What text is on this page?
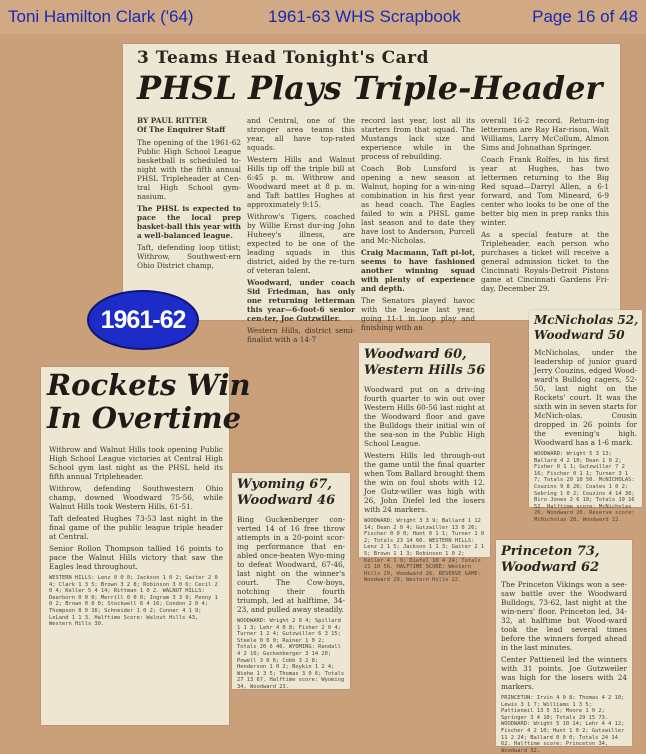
Toni Hamilton Clark ('64)	1961-63 WHS Scrapbook	Page 16 of 48
3 Teams Head Tonight's Card
PHSL Plays Triple-Header

BY PAUL RITTER

Of The Enquirer Staff

The opening of the 1961-62 Public High School League basketball is scheduled to-night with the fifth annual PHSL Tripleheader at Cen-tral High School gym-nasium.

The PHSL is expected to pace the local prep basket-ball this year with a well-balanced league.

Taft, defending loop titlist; Withrow, Southwest-ern Ohio District champ,

and Central, one of the stronger area teams this year, all have top-rated squads.

Western Hills and Walnut Hills tip off the triple bill at 6:45 p. m. Withrow and Woodward meet at 8 p. m. and Taft battles Hughes at approximately 9:15.

Withrow's Tigers, coached by Willie Ernst dur-ing John Huheey's illness, are expected to be one of the leading squads in this district, aided by the re-turn of veteran talent.

Woodward, under coach Sid Friedman, has only one returning letterman this year—6-foot-6 senior cen-ter, Joe Gutzwiller.

Western Hills, district semi-finalist with a 14-7

record last year, lost all its starters from that squad. The Mustangs lack size and experience while in the process of rebuilding.

Coach Bob Lunsford is opening a new season at Walnut, hoping for a win-ning combination in his first year as head coach. The Eagles failed to win a PHSL game last season and to date they have lost to Anderson, Purcell and Mc-Nicholas.

Craig Macmann, Taft pi-lot, seems to have fashioned another winning squad with plenty of experience and depth.

The Senators played havoc with the league last year, going 11-1 in loop play and finishing with an

overall 16-2 record. Return-ing lettermen are Ray Har-rison, Walt Williams, Larry McCollum, Almon Sims and Johnathan Springer.

Coach Frank Rolfes, in his first year at Hughes, has two lettermen returning to the Big Red squad—Darryl Allen, a 6-1 forward, and Tom Mineard, 6-9 center who looks to be one of the better big men in prep ranks this winter.

As a special feature at the Tripleheader, each person who purchases a ticket will receive a general admission ticket to the Cincinnati Royals-Detroit Pistons game at Cincinnati Gardens Fri-day, December 29.

1961-62
Rockets Win
In Overtime

Withrow and Walnut Hills took opening Public High School League victories at Central High School gym last night as the PHSL held its fifth annual Tripleheader.

Withrow, defending Southwestern Ohio champ, downed Woodward 75-56, while Walnut Hills took Western Hills, 61-51.

Taft defeated Hughes 73-53 last night in the final game of the public league triple header at Central.

Senior Rollon Thompson tallied 16 points to pace the Walnut Hills victory that saw the Eagles lead throughout.

WESTERN HILLS: Lenz 0 0 0; Jackson 1 0 2; Gaiter 2 0 4; Clark 1 3 5; Brown 3 2 8; Robinson 3 0 6; Cecil 2 0 4; Keller 5 4 14; Rittman 1 0 2. WALNUT HILLS: Dearborn 0 0 0; Merrill 0 0 0; Ingram 3 3 9; Penny 1 0 2; Brown 0 0 0; Stockwell 6 4 16; Condon 2 0 4; Thompson 8 0 16; Schneider 1 0 2; Conner 4 1 9; LeLand 1 1 3. Halftime Score: Walnut Hills 43, Western Hills 30.

Wyoming 67,
Woodward 46

Bing Guckenberger con-verted 14 of 16 free throw attempts in a 20-point scor-ing performance that en-abled once-beaten Wyo-ming to defeat Woodward, 67-46, last night on the winner's court. The Cow-boys, notching their fourth triumph, led at halftime, 34-23, and pulled away steadily.

WOODWARD: Wright 2 0 4; Spillard 1 1 3; Lehr 4 0 8; Fisher 2 0 4; Turner 1 2 4; Gutzwiller 6 3 15; Steele 0 0 0; Rainer 1 0 2; Totals 20 6 46. WYOMING: Randall 4 2 10; Guckenberger 3 14 20; Powell 3 0 6; Cobb 3 2 8; Henderson 1 0 2; Boykin 1 2 4; Wiehe 1 3 5; Thomas 3 0 6; Totals 27 13 67. Halftime score: Wyoming 34, Woodward 23.

Woodward 60,
Western Hills 56

Woodward put on a driv-ing fourth quarter to win out over Western Hills 60-56 last night at the Woodward floor and gave the Bulldogs their initial win of the sea-son in the Public High School League.

Western Hills led through-out the game until the final quarter when Tom Ballard brought them the win on foul shots with 12. Joe Gutz-willer was high with 26, John Diefel led the losers with 24 markers.

WOODWARD: Wright 3 3 9; Ballard 1 12 14; Dean 2 0 4; Gutzwiller 13 0 26; Fischer 0 0 0; Hunt 0 1 1; Turner 1 0 2; Totals 23 14 60. WESTERN HILLS: Lenz 2 1 5; Jackson 1 1 3; Gaiter 2 1 5; Brown 1 1 3; Robinson 1 0 2; Keller 4 1 9; Diefel 10 4 24; Totals 21 10 56. HALFTIME SCORE: Western Hills 29, Woodward 26. RESERVE GAME: Woodward 29, Western Hills 22.

McNicholas 52,
Woodward 50

McNicholas, under the leadership of junior guard Jerry Couzins, edged Wood-ward's Bulldog cagers, 52-50, last night on the Rockets' court. It was the sixth win in seven starts for McNich-olas. Cousin dropped in 26 points for the evening's high. Woodward has a 1-6 mark.

WOODWARD: Wright 5 3 13; Ballard 4 2 10; Dean 1 0 2; Fisher 0 1 1; Gutzwiller 7 2 16; Fischer 0 1 1; Turner 3 1 7; Totals 20 10 50. McNICHOLAS: Couzins 9 8 26; Coates 1 0 2; Sebring 1 0 2; Couzins 4 14 30; Biro Jones 2 6 10; Totals 19 16 52. Halftime score: McNicholas 26, Woodward 20. Reserve score: McNicholas 28, Woodward 22.

Princeton 73,
Woodward 62

The Princeton Vikings won a see-saw battle over the Woodward Bulldogs, 73-62, last night at the win-ners' floor. Princeton led, 34-32, at halftime but Wood-ward took the lead several times before the winners forged ahead in the last minutes.

Center Pattieneil led the winners with 31 points. Joe Gutzweiler was high for the losers with 24 markers.

PRINCETON: Irvin 4 0 8; Thomas 4 2 10; Lewis 3 1 7; Williams 1 3 5; Pattieneil 13 5 31; Moore 1 0 2; Springer 3 4 10; Totals 29 15 73. WOODWARD: Wright 5 10 14; Lehr 4 4 12; Fischer 4 2 10; Hunt 1 0 2; Gutzwiller 11 2 24; Ballard 0 0 0; Totals 24 14 62. Halftime score: Princeton 34, Woodward 32.
